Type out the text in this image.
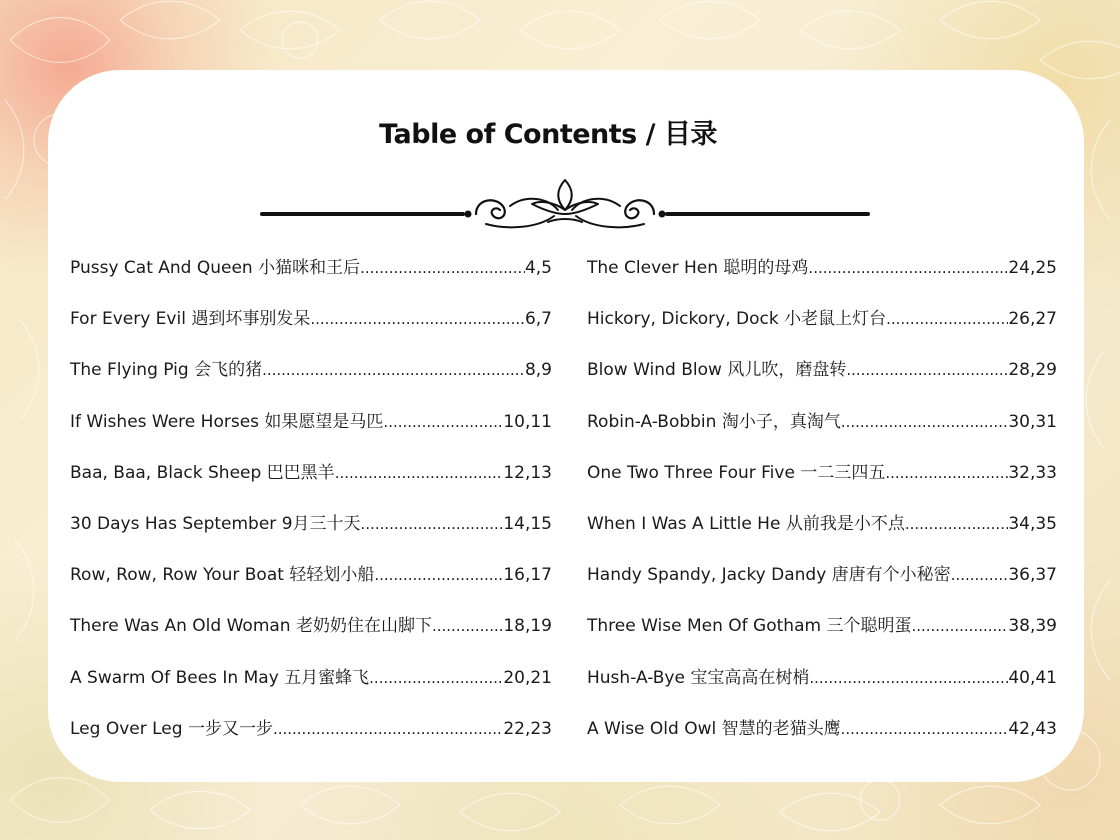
Table of Contents / 目录
Pussy Cat And Queen 小猫咪和王后 .....	4,5
For Every Evil 遇到坏事别发呆 .....	6,7
The Flying Pig 会飞的猪 .....	8,9
If Wishes Were Horses 如果愿望是马匹 .....	10,11
Baa, Baa, Black Sheep 巴巴黑羊 .....	12,13
30 Days Has September 9月三十天 .....	14,15
Row, Row, Row Your Boat 轻轻划小船 .....	16,17
There Was An Old Woman 老奶奶住在山脚下 .....	18,19
A Swarm Of Bees In May 五月蜜蜂飞 .....	20,21
Leg Over Leg 一步又一步 .....	22,23
The Clever Hen 聪明的母鸡 .....	24,25
Hickory, Dickory, Dock 小老鼠上灯台 .....	26,27
Blow Wind Blow 风儿吹，磨盘转 .....	28,29
Robin-A-Bobbin 淘小子，真淘气 .....	30,31
One Two Three Four Five 一二三四五 .....	32,33
When I Was A Little He 从前我是小不点 .....	34,35
Handy Spandy, Jacky Dandy 唐唐有个小秘密 .....	36,37
Three Wise Men Of Gotham 三个聪明蛋 .....	38,39
Hush-A-Bye 宝宝高高在树梢 .....	40,41
A Wise Old Owl 智慧的老猫头鹰 .....	42,43
